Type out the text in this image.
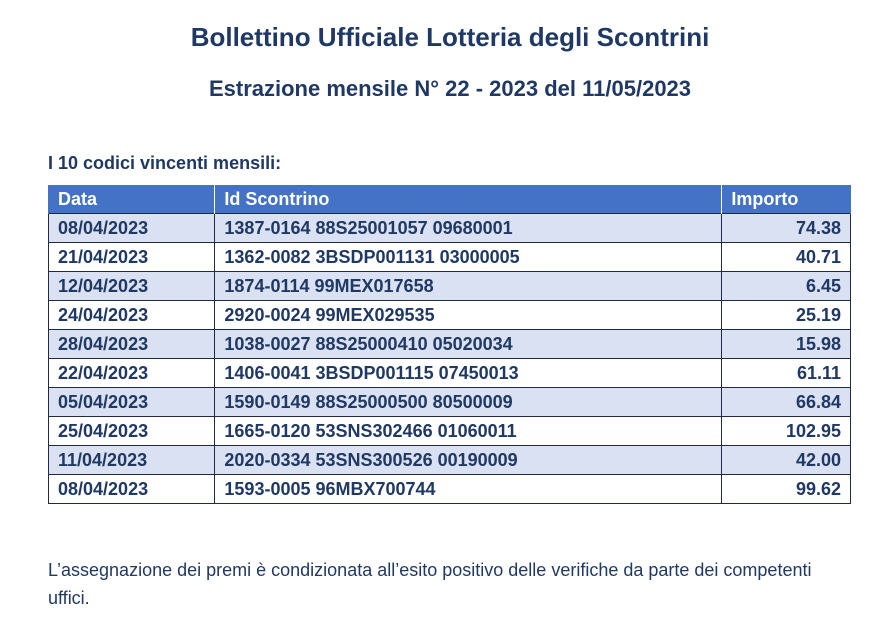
Bollettino Ufficiale Lotteria degli Scontrini
Estrazione mensile N° 22 - 2023 del 11/05/2023
I 10 codici vincenti mensili:
Data	Id Scontrino	Importo
08/04/2023	1387-0164 88S25001057 09680001	74.38
21/04/2023	1362-0082 3BSDP001131 03000005	40.71
12/04/2023	1874-0114 99MEX017658	6.45
24/04/2023	2920-0024 99MEX029535	25.19
28/04/2023	1038-0027 88S25000410 05020034	15.98
22/04/2023	1406-0041 3BSDP001115 07450013	61.11
05/04/2023	1590-0149 88S25000500 80500009	66.84
25/04/2023	1665-0120 53SNS302466 01060011	102.95
11/04/2023	2020-0334 53SNS300526 00190009	42.00
08/04/2023	1593-0005 96MBX700744	99.62
L’assegnazione dei premi è condizionata all’esito positivo delle verifiche da parte dei competenti uffici.
